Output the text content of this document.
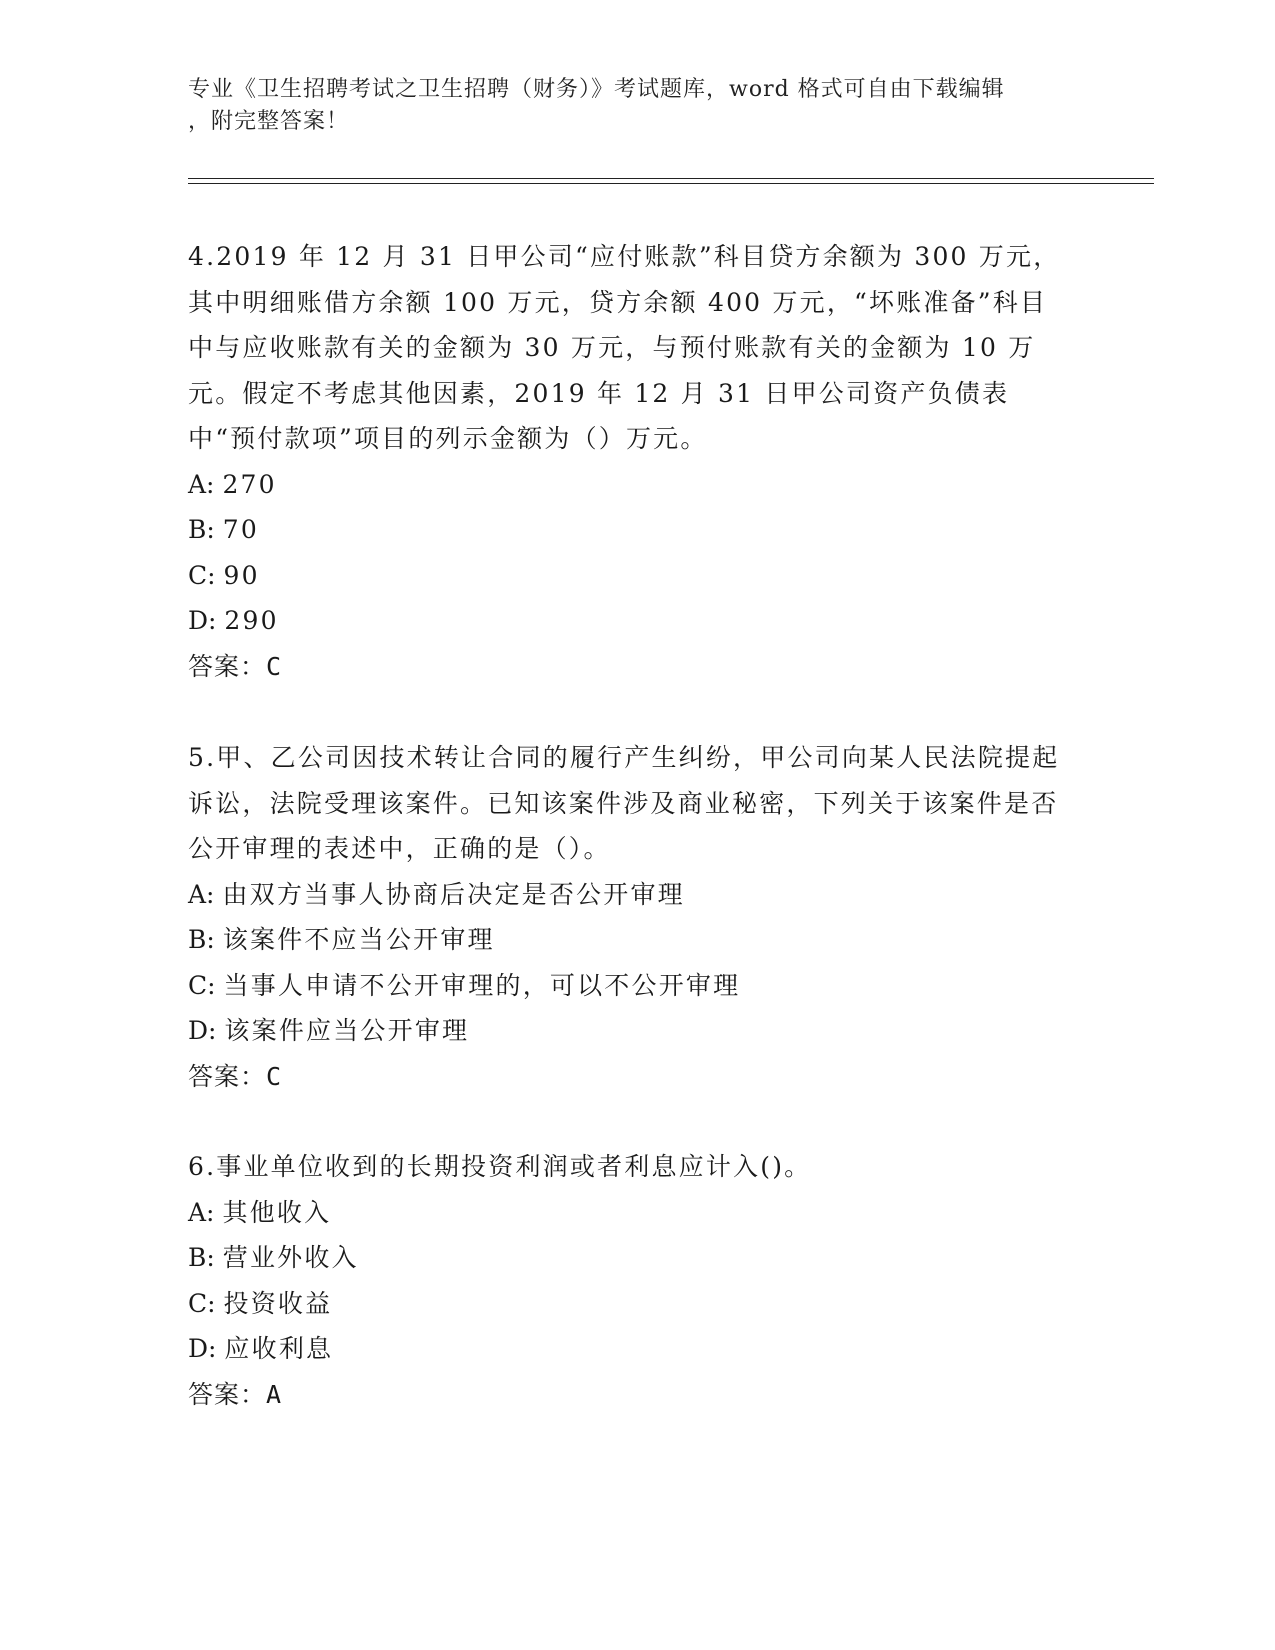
专业《卫生招聘考试之卫生招聘（财务）》考试题库，word 格式可自由下载编辑
，附完整答案！

4.2019 年 12 月 31 日甲公司“应付账款”科目贷方余额为 300 万元，其中明细账借方余额 100 万元，贷方余额 400 万元，“坏账准备”科目中与应收账款有关的金额为 30 万元，与预付账款有关的金额为 10 万元。假定不考虑其他因素，2019 年 12 月 31 日甲公司资产负债表中“预付款项”项目的列示金额为（）万元。

A: 270
B: 70
C: 90
D: 290
答案：C

5.甲、乙公司因技术转让合同的履行产生纠纷，甲公司向某人民法院提起诉讼，法院受理该案件。已知该案件涉及商业秘密，下列关于该案件是否公开审理的表述中，正确的是（）。

A: 由双方当事人协商后决定是否公开审理
B: 该案件不应当公开审理
C: 当事人申请不公开审理的，可以不公开审理
D: 该案件应当公开审理
答案：C

6.事业单位收到的长期投资利润或者利息应计入()。

A: 其他收入
B: 营业外收入
C: 投资收益
D: 应收利息
答案：A
